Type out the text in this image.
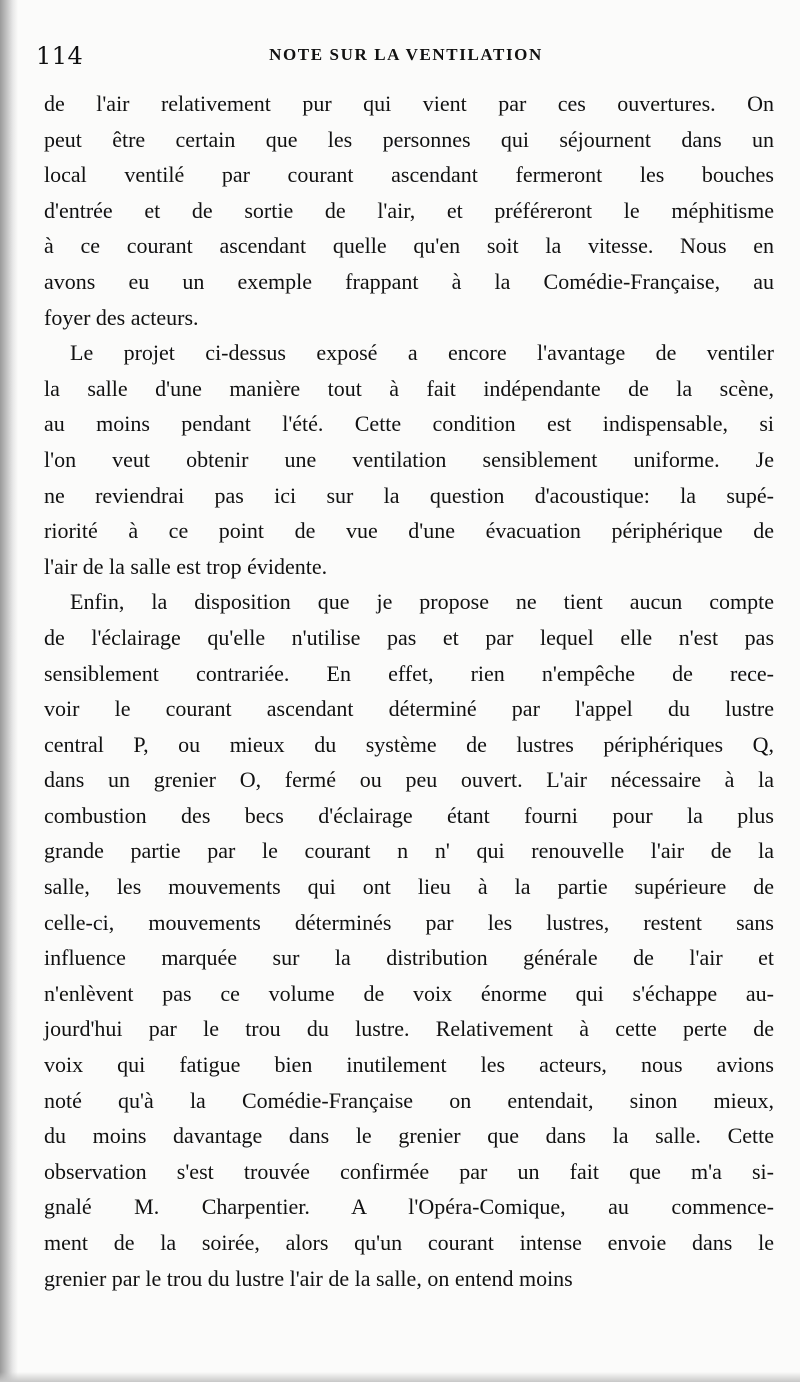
114	NOTE SUR LA VENTILATION
de l'air relativement pur qui vient par ces ouvertures. On
peut être certain que les personnes qui séjournent dans un
local ventilé par courant ascendant fermeront les bouches
d'entrée et de sortie de l'air, et préféreront le méphitisme
à ce courant ascendant quelle qu'en soit la vitesse. Nous en
avons eu un exemple frappant à la Comédie-Française, au
foyer des acteurs.
Le projet ci-dessus exposé a encore l'avantage de ventiler
la salle d'une manière tout à fait indépendante de la scène,
au moins pendant l'été. Cette condition est indispensable, si
l'on veut obtenir une ventilation sensiblement uniforme. Je
ne reviendrai pas ici sur la question d'acoustique: la supé-
riorité à ce point de vue d'une évacuation périphérique de
l'air de la salle est trop évidente.
Enfin, la disposition que je propose ne tient aucun compte
de l'éclairage qu'elle n'utilise pas et par lequel elle n'est pas
sensiblement contrariée. En effet, rien n'empêche de rece-
voir le courant ascendant déterminé par l'appel du lustre
central P, ou mieux du système de lustres périphériques Q,
dans un grenier O, fermé ou peu ouvert. L'air nécessaire à la
combustion des becs d'éclairage étant fourni pour la plus
grande partie par le courant n n' qui renouvelle l'air de la
salle, les mouvements qui ont lieu à la partie supérieure de
celle-ci, mouvements déterminés par les lustres, restent sans
influence marquée sur la distribution générale de l'air et
n'enlèvent pas ce volume de voix énorme qui s'échappe au-
jourd'hui par le trou du lustre. Relativement à cette perte de
voix qui fatigue bien inutilement les acteurs, nous avions
noté qu'à la Comédie-Française on entendait, sinon mieux,
du moins davantage dans le grenier que dans la salle. Cette
observation s'est trouvée confirmée par un fait que m'a si-
gnalé M. Charpentier. A l'Opéra-Comique, au commence-
ment de la soirée, alors qu'un courant intense envoie dans le
grenier par le trou du lustre l'air de la salle, on entend moins
